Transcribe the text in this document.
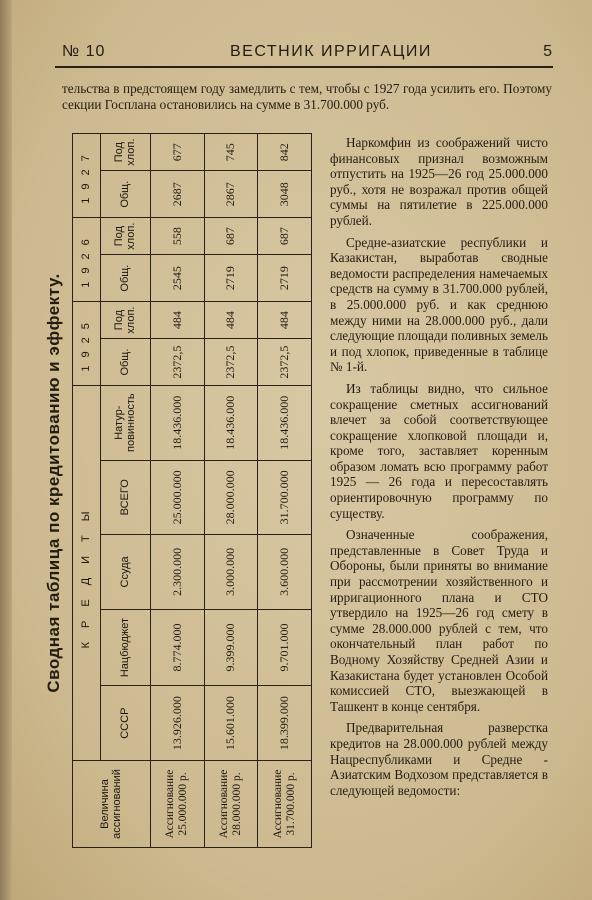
№ 10	ВЕСТНИК ИРРИГАЦИИ	5

тельства в предстоящем году замедлить с тем, чтобы с 1927 года усилить его. Поэтому секции Госплана остановились на сумме в 31.700.000 руб.

Сводная таблица по кредитованию и эффекту.
Величина ассигнований	КРЕДИТЫ					1925		1926		1927	
	СССР	Нацбюджет	Ссуда	ВСЕГО	Натур-повинность	Общ.	Под хлоп.	Общ.	Под хлоп.	Общ.	Под хлоп.
Ассигнование 25.000.000 р.	13.926.000	8.774.000	2.300.000	25.000.000	18.436.000	2372,5	484	2545	558	2687	677
Ассигнование 28.000.000 р.	15.601.000	9.399.000	3.000.000	28.000.000	18.436.000	2372,5	484	2719	687	2867	745
Ассигнование 31.700.000 р.	18.399.000	9.701.000	3.600.000	31.700.000	18.436.000	2372,5	484	2719	687	3048	842

Наркомфин из соображений чисто финансовых признал возможным отпустить на 1925—26 год 25.000.000 руб., хотя не возражал против общей суммы на пятилетие в 225.000.000 рублей.

Средне-азиатские республики и Казакистан, выработав сводные ведомости распределения намечаемых средств на сумму в 31.700.000 рублей, в 25.000.000 руб. и как среднюю между ними на 28.000.000 руб., дали следующие площади поливных земель и под хлопок, приведенные в таблице № 1-й.

Из таблицы видно, что сильное сокращение сметных ассигнований влечет за собой соответствующее сокращение хлопковой площади и, кроме того, заставляет коренным образом ломать всю программу работ 1925 — 26 года и пересоставлять ориентировочную программу по существу.

Означенные соображения, представленные в Совет Труда и Обороны, были приняты во внимание при рассмотрении хозяйственного и ирригационного плана и СТО утвердило на 1925—26 год смету в сумме 28.000.000 рублей с тем, что окончательный план работ по Водному Хозяйству Средней Азии и Казакистана будет установлен Особой комиссией СТО, выезжающей в Ташкент в конце сентября.

Предварительная разверстка кредитов на 28.000.000 рублей между Нацреспубликами и Средне - Азиатским Водхозом представляется в следующей ведомости:
